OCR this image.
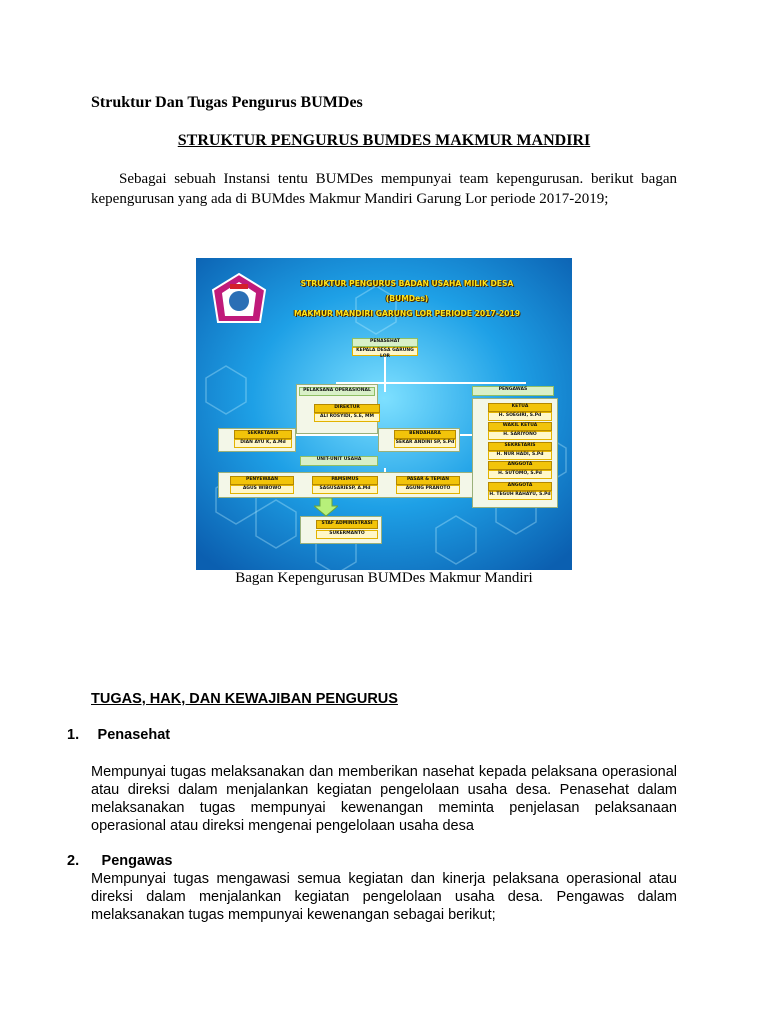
Struktur Dan Tugas Pengurus BUMDes
STRUKTUR PENGURUS BUMDES MAKMUR MANDIRI
Sebagai sebuah Instansi tentu BUMDes mempunyai team kepengurusan. berikut bagan kepengurusan yang ada di BUMdes Makmur Mandiri Garung Lor periode 2017-2019;
STRUKTUR PENGURUS BADAN USAHA MILIK DESA
(BUMDes)
MAKMUR MANDIRI GARUNG LOR PERIODE 2017-2019
PENASEHAT
KEPALA DESA GARUNG LOR
PELAKSANA OPERASIONAL
DIREKTUR
ALI ROSYIDI, S.E, MM
SEKRETARIS
DIAN AYU K, A.Md
BENDAHARA
SEKAR ANDINI SP, S.Pd
UNIT-UNIT USAHA
PENYEWAAN
AGUS WIBOWO
PAMSIMUS
SAGUSARIESP, A.Md
PASAR & TEPIAN
AGUNG PRANOTO
STAF ADMINISTRASI
SUKERMANTO
PENGAWAS
KETUA
H. SOEGIRI, S.Pd
WAKIL KETUA
H. SARIYONO
SEKRETARIS
H. NUR HADI, S.Pd
ANGGOTA
H. SUTOMO, S.Pd
ANGGOTA
H. TEGUH RAHAYU, S.Pd
Bagan Kepengurusan BUMDes Makmur Mandiri
TUGAS, HAK, DAN KEWAJIBAN PENGURUS
1. Penasehat
Mempunyai tugas melaksanakan dan memberikan nasehat kepada pelaksana operasional atau direksi dalam menjalankan kegiatan pengelolaan usaha desa. Penasehat dalam melaksanakan tugas mempunyai kewenangan meminta penjelasan pelaksanaan operasional atau direksi mengenai pengelolaan usaha desa
2. Pengawas
Mempunyai tugas mengawasi semua kegiatan dan kinerja pelaksana operasional atau direksi dalam menjalankan kegiatan pengelolaan usaha desa. Pengawas dalam melaksanakan tugas mempunyai kewenangan sebagai berikut;
